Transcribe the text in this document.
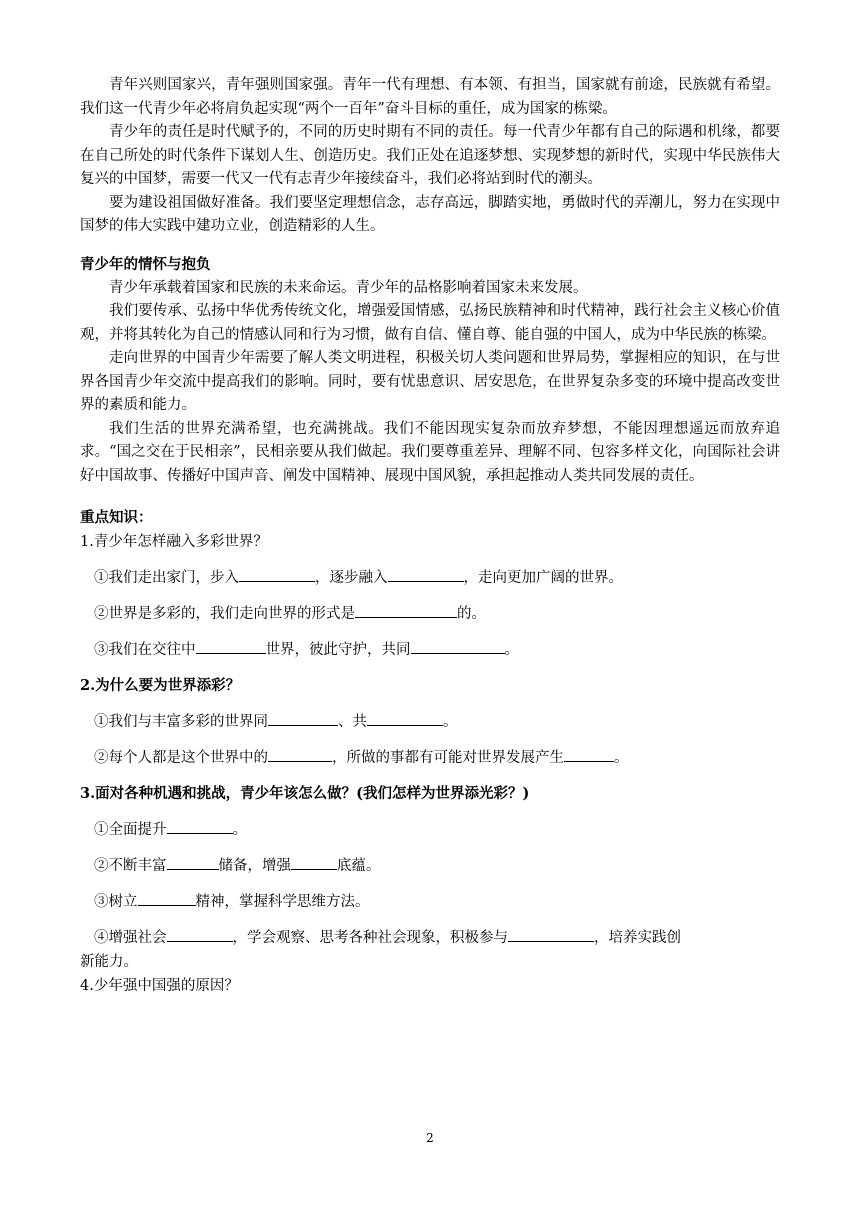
青年兴则国家兴，青年强则国家强。青年一代有理想、有本领、有担当，国家就有前途，民族就有希望。我们这一代青少年必将肩负起实现“两个一百年”奋斗目标的重任，成为国家的栋梁。

青少年的责任是时代赋予的，不同的历史时期有不同的责任。每一代青少年都有自己的际遇和机缘，都要在自己所处的时代条件下谋划人生、创造历史。我们正处在追逐梦想、实现梦想的新时代，实现中华民族伟大复兴的中国梦，需要一代又一代有志青少年接续奋斗，我们必将站到时代的潮头。

要为建设祖国做好准备。我们要坚定理想信念，志存高远，脚踏实地，勇做时代的弄潮儿，努力在实现中国梦的伟大实践中建功立业，创造精彩的人生。

青少年的情怀与抱负

青少年承载着国家和民族的未来命运。青少年的品格影响着国家未来发展。

我们要传承、弘扬中华优秀传统文化，增强爱国情感，弘扬民族精神和时代精神，践行社会主义核心价值观，并将其转化为自己的情感认同和行为习惯，做有自信、懂自尊、能自强的中国人，成为中华民族的栋梁。

走向世界的中国青少年需要了解人类文明进程，积极关切人类问题和世界局势，掌握相应的知识，在与世界各国青少年交流中提高我们的影响。同时，要有忧患意识、居安思危，在世界复杂多变的环境中提高改变世界的素质和能力。

我们生活的世界充满希望，也充满挑战。我们不能因现实复杂而放弃梦想，不能因理想遥远而放弃追求。“国之交在于民相亲”，民相亲要从我们做起。我们要尊重差异、理解不同、包容多样文化，向国际社会讲好中国故事、传播好中国声音、阐发中国精神、展现中国风貌，承担起推动人类共同发展的责任。

重点知识：

1.青少年怎样融入多彩世界？

①我们走出家门，步入	，逐步融入	，走向更加广阔的世界。

②世界是多彩的，我们走向世界的形式是	的。

③我们在交往中	世界，彼此守护，共同	。

2.为什么要为世界添彩？

①我们与丰富多彩的世界同	、共	。

②每个人都是这个世界中的	，所做的事都有可能对世界发展产生	。

3.面对各种机遇和挑战，青少年该怎么做？(我们怎样为世界添光彩？)

①全面提升	。

②不断丰富	储备，增强	底蕴。

③树立	精神，掌握科学思维方法。

④增强社会	，学会观察、思考各种社会现象，积极参与	，培养实践创

新能力。

4.少年强中国强的原因？

2
